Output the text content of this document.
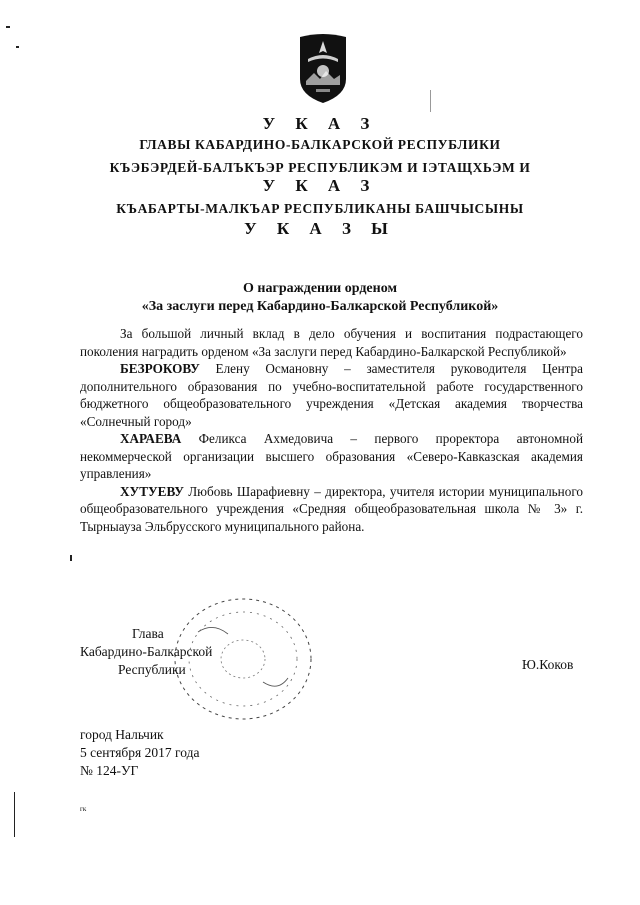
У К А З
ГЛАВЫ КАБАРДИНО-БАЛКАРСКОЙ РЕСПУБЛИКИ
КЪЭБЭРДЕЙ-БАЛЪКЪЭР РЕСПУБЛИКЭМ И ІЭТАЩХЬЭМ И
У К А З
КЪАБАРТЫ-МАЛКЪАР РЕСПУБЛИКАНЫ БАШЧЫСЫНЫ
У К А З Ы
О награждении орденом
«За заслуги перед Кабардино-Балкарской Республикой»

За большой личный вклад в дело обучения и воспитания подрастающего поколения наградить орденом «За заслуги перед Кабардино-Балкарской Республикой»

БЕЗРОКОВУ Елену Османовну – заместителя руководителя Центра дополнительного образования по учебно-воспитательной работе государственного бюджетного общеобразовательного учреждения «Детская академия творчества «Солнечный город»

ХАРАЕВА Феликса Ахмедовича – первого проректора автономной некоммерческой организации высшего образования «Северо-Кавказская академия управления»

ХУТУЕВУ Любовь Шарафиевну – директора, учителя истории муниципального общеобразовательного учреждения «Средняя общеобразовательная школа № 3» г. Тырныауза Эльбрусского муниципального района.

Глава
Кабардино-Балкарской
Республики	Ю.Коков
город Нальчик
5 сентября 2017 года
№ 124-УГ
гк
